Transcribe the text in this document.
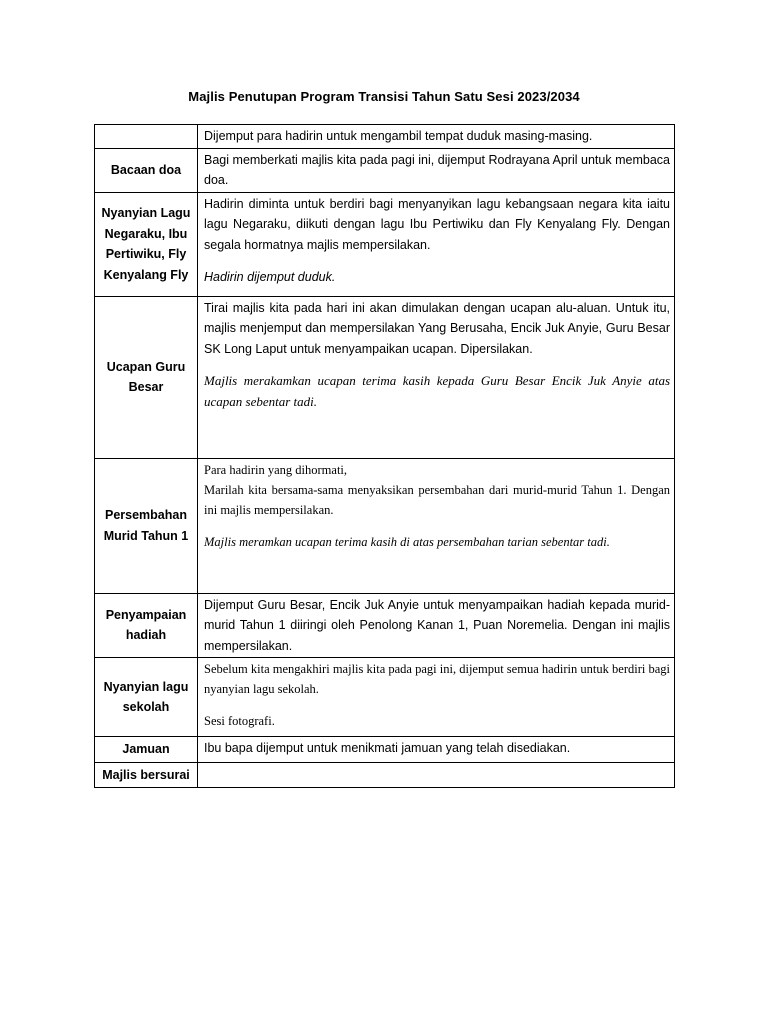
Majlis Penutupan Program Transisi Tahun Satu Sesi 2023/2034

	Dijemput para hadirin untuk mengambil tempat duduk masing-masing.

Bacaan doa	Bagi memberkati majlis kita pada pagi ini, dijemput Rodrayana April untuk membaca doa.

Nyanyian Lagu Negaraku, Ibu Pertiwiku, Fly Kenyalang Fly	Hadirin diminta untuk berdiri bagi menyanyikan lagu kebangsaan negara kita iaitu lagu Negaraku, diikuti dengan lagu Ibu Pertiwiku dan Fly Kenyalang Fly. Dengan segala hormatnya majlis mempersilakan.

Hadirin dijemput duduk.

Ucapan Guru Besar	Tirai majlis kita pada hari ini akan dimulakan dengan ucapan alu-aluan. Untuk itu, majlis menjemput dan mempersilakan Yang Berusaha, Encik Juk Anyie, Guru Besar SK Long Laput untuk menyampaikan ucapan. Dipersilakan.

Majlis merakamkan ucapan terima kasih kepada Guru Besar Encik Juk Anyie atas ucapan sebentar tadi.

Persembahan Murid Tahun 1	Para hadirin yang dihormati,

Marilah kita bersama-sama menyaksikan persembahan dari murid-murid Tahun 1. Dengan ini majlis mempersilakan.

Majlis meramkan ucapan terima kasih di atas persembahan tarian sebentar tadi.

Penyampaian hadiah	Dijemput Guru Besar, Encik Juk Anyie untuk menyampaikan hadiah kepada murid-murid Tahun 1 diiringi oleh Penolong Kanan 1, Puan Noremelia. Dengan ini majlis mempersilakan.

Nyanyian lagu sekolah	Sebelum kita mengakhiri majlis kita pada pagi ini, dijemput semua hadirin untuk berdiri bagi nyanyian lagu sekolah.

Sesi fotografi.

Jamuan	Ibu bapa dijemput untuk menikmati jamuan yang telah disediakan.

Majlis bersurai	
